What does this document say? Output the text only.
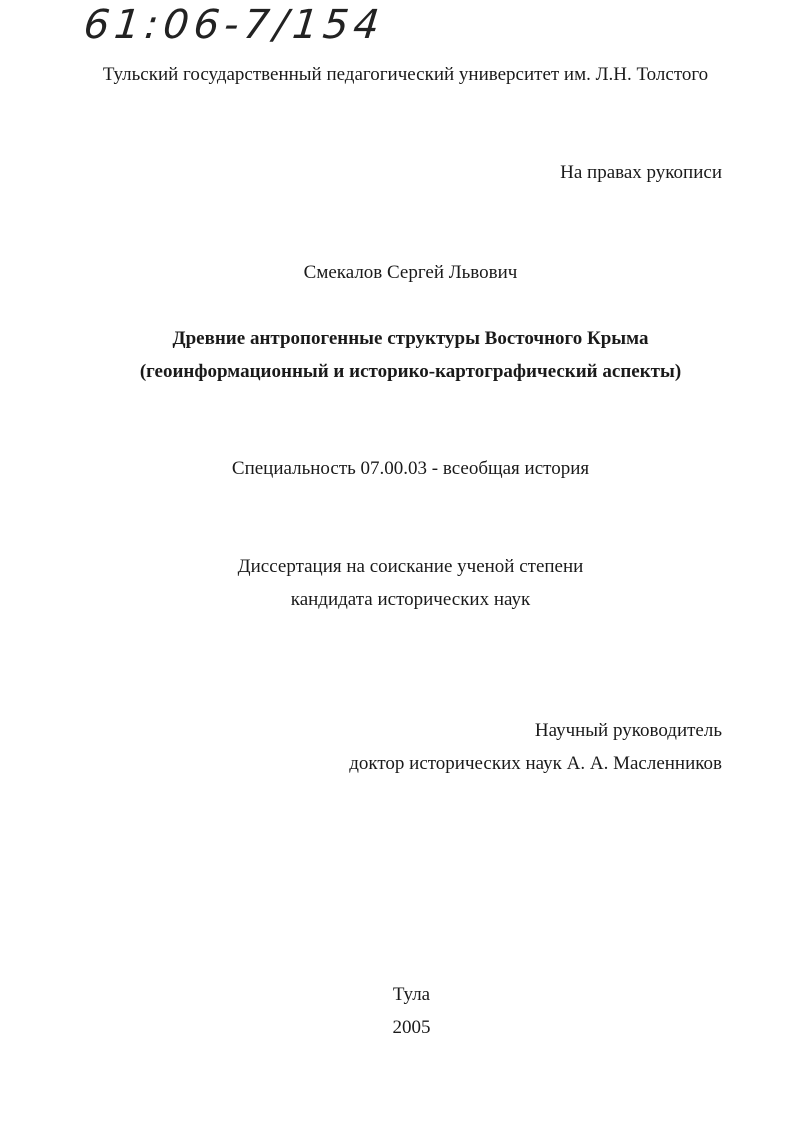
61:06-7/154
Тульский государственный педагогический университет им. Л.Н. Толстого
На правах рукописи
Смекалов Сергей Львович
Древние антропогенные структуры Восточного Крыма
(геоинформационный и историко-картографический аспекты)
Специальность 07.00.03 - всеобщая история
Диссертация на соискание ученой степени
кандидата исторических наук
Научный руководитель
доктор исторических наук А. А. Масленников
Тула
2005
